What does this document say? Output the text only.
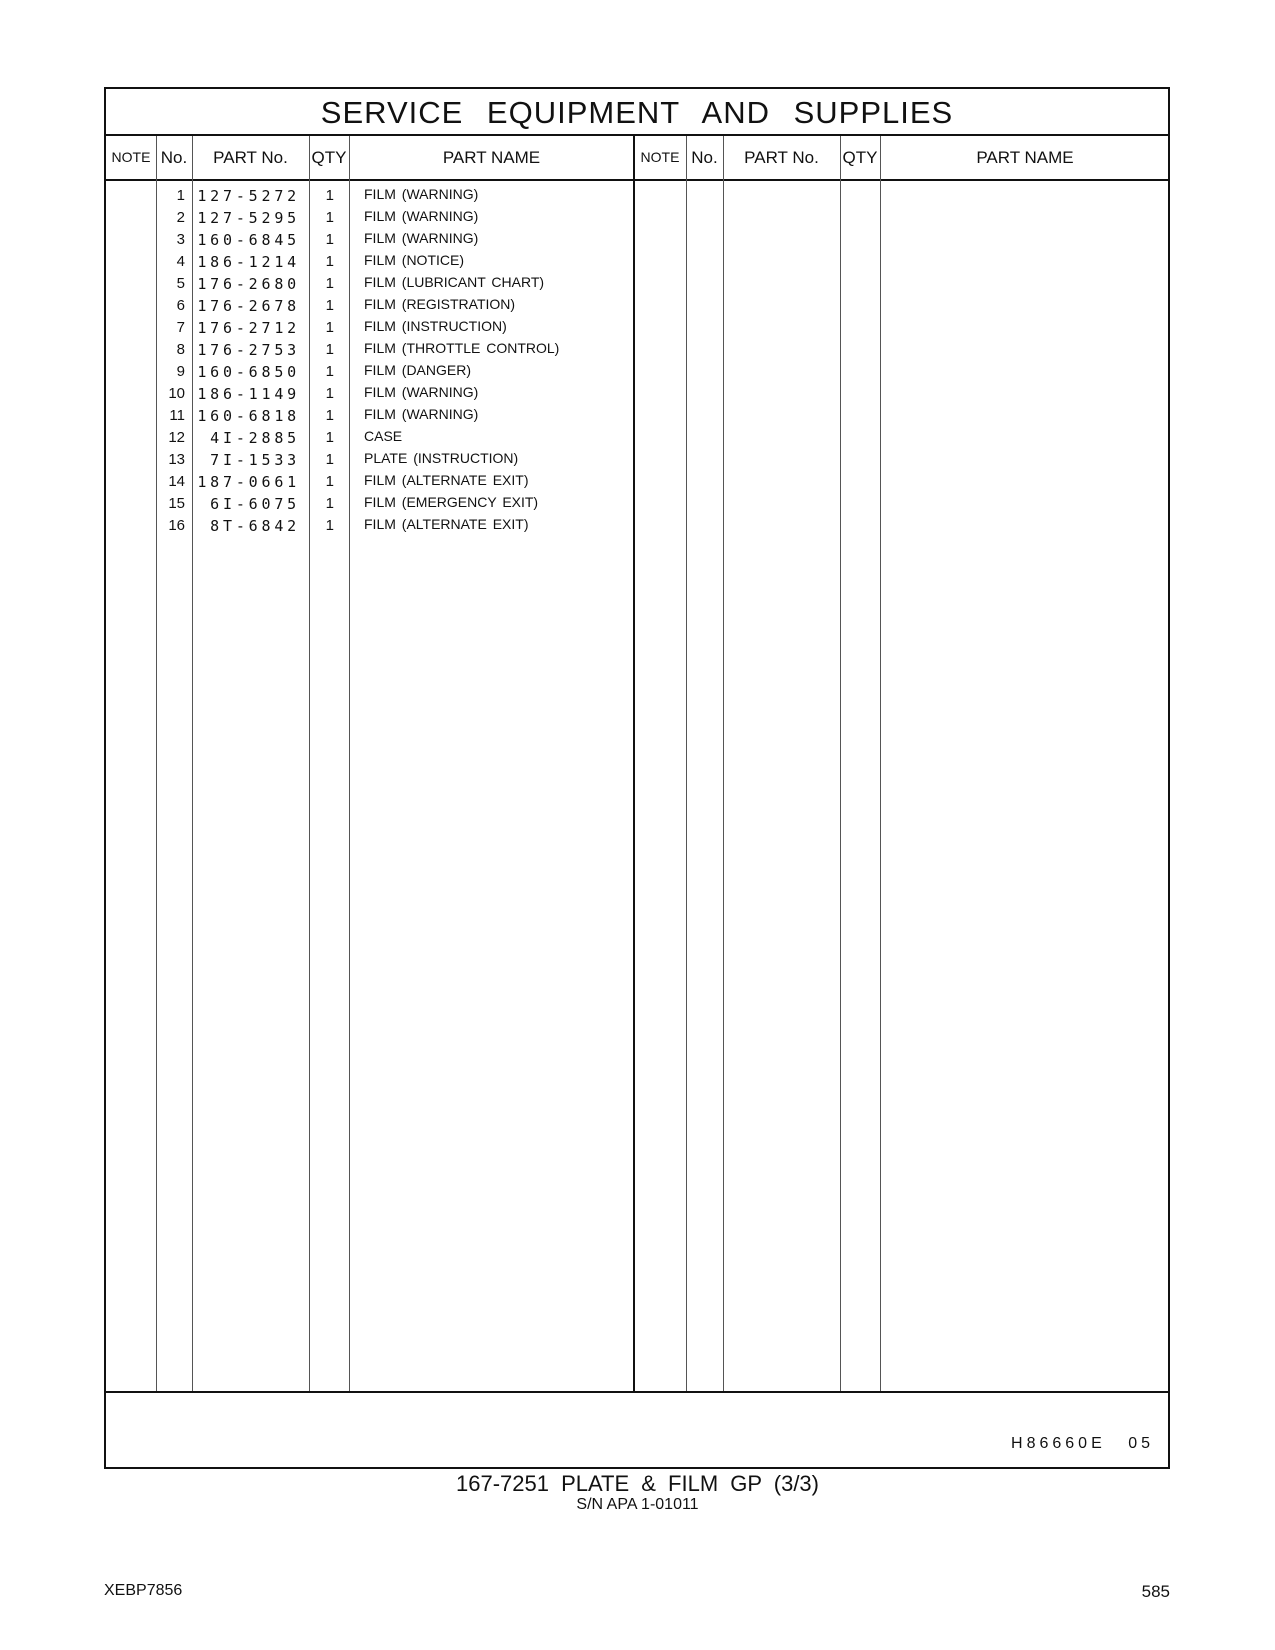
SERVICE EQUIPMENT AND SUPPLIES
NOTE No.	PART No.	QTY	PART NAME	NOTE No.	PART No.	QTY	PART NAME
1 127-5272	1 FILM (WARNING)
2 127-5295	1 FILM (WARNING)
3 160-6845	1 FILM (WARNING)
4 186-1214	1 FILM (NOTICE)
5 176-2680	1 FILM (LUBRICANT CHART)
6 176-2678	1 FILM (REGISTRATION)
7 176-2712	1 FILM (INSTRUCTION)
8 176-2753	1 FILM (THROTTLE CONTROL)
9 160-6850	1 FILM (DANGER)
10 186-1149	1 FILM (WARNING)
11 160-6818	1 FILM (WARNING)
12	4I-2885	1 CASE
13	7I-1533	1 PLATE (INSTRUCTION)
14 187-0661	1 FILM (ALTERNATE EXIT)
15	6I-6075	1 FILM (EMERGENCY EXIT)
16	8T-6842	1 FILM (ALTERNATE EXIT)
H86660E 05
167-7251 PLATE & FILM GP (3/3)
S/N APA 1-01011
XEBP7856	585
